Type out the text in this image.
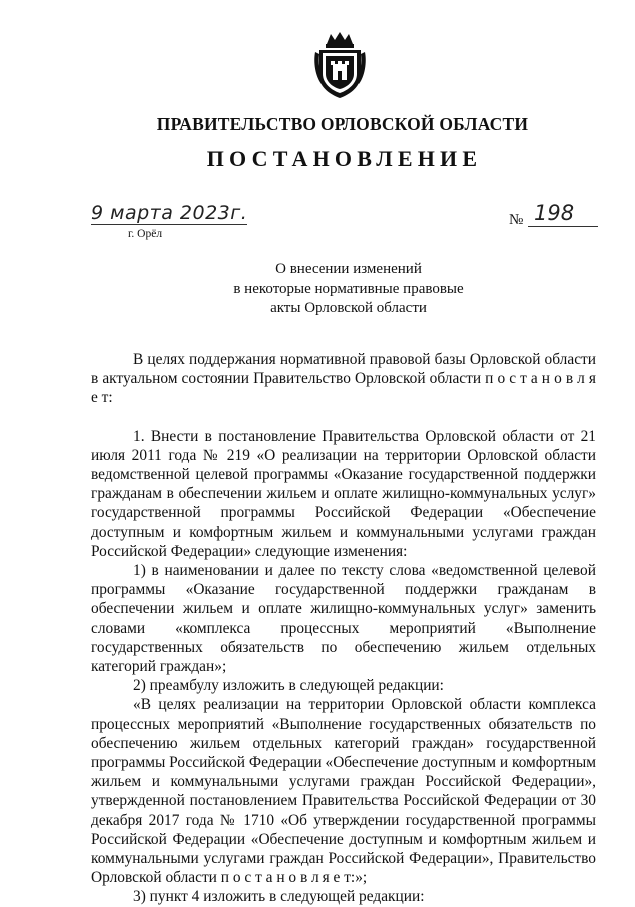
ПРАВИТЕЛЬСТВО ОРЛОВСКОЙ ОБЛАСТИ
ПОСТАНОВЛЕНИЕ
9 марта 2023г.
г. Орёл
№ 198
О внесении изменений
в некоторые нормативные правовые
акты Орловской области

В целях поддержания нормативной правовой базы Орловской области в актуальном состоянии Правительство Орловской области п о с т а н о в л я е т:

1. Внести в постановление Правительства Орловской области от 21 июля 2011 года № 219 «О реализации на территории Орловской области ведомственной целевой программы «Оказание государственной поддержки гражданам в обеспечении жильем и оплате жилищно-коммунальных услуг» государственной программы Российской Федерации «Обеспечение доступным и комфортным жильем и коммунальными услугами граждан Российской Федерации» следующие изменения:

1) в наименовании и далее по тексту слова «ведомственной целевой программы «Оказание государственной поддержки гражданам в обеспечении жильем и оплате жилищно-коммунальных услуг» заменить словами «комплекса процессных мероприятий «Выполнение государственных обязательств по обеспечению жильем отдельных категорий граждан»;

2) преамбулу изложить в следующей редакции:

«В целях реализации на территории Орловской области комплекса процессных мероприятий «Выполнение государственных обязательств по обеспечению жильем отдельных категорий граждан» государственной программы Российской Федерации «Обеспечение доступным и комфортным жильем и коммунальными услугами граждан Российской Федерации», утвержденной постановлением Правительства Российской Федерации от 30 декабря 2017 года № 1710 «Об утверждении государственной программы Российской Федерации «Обеспечение доступным и комфортным жильем и коммунальными услугами граждан Российской Федерации», Правительство Орловской области п о с т а н о в л я е т:»;

3) пункт 4 изложить в следующей редакции:
